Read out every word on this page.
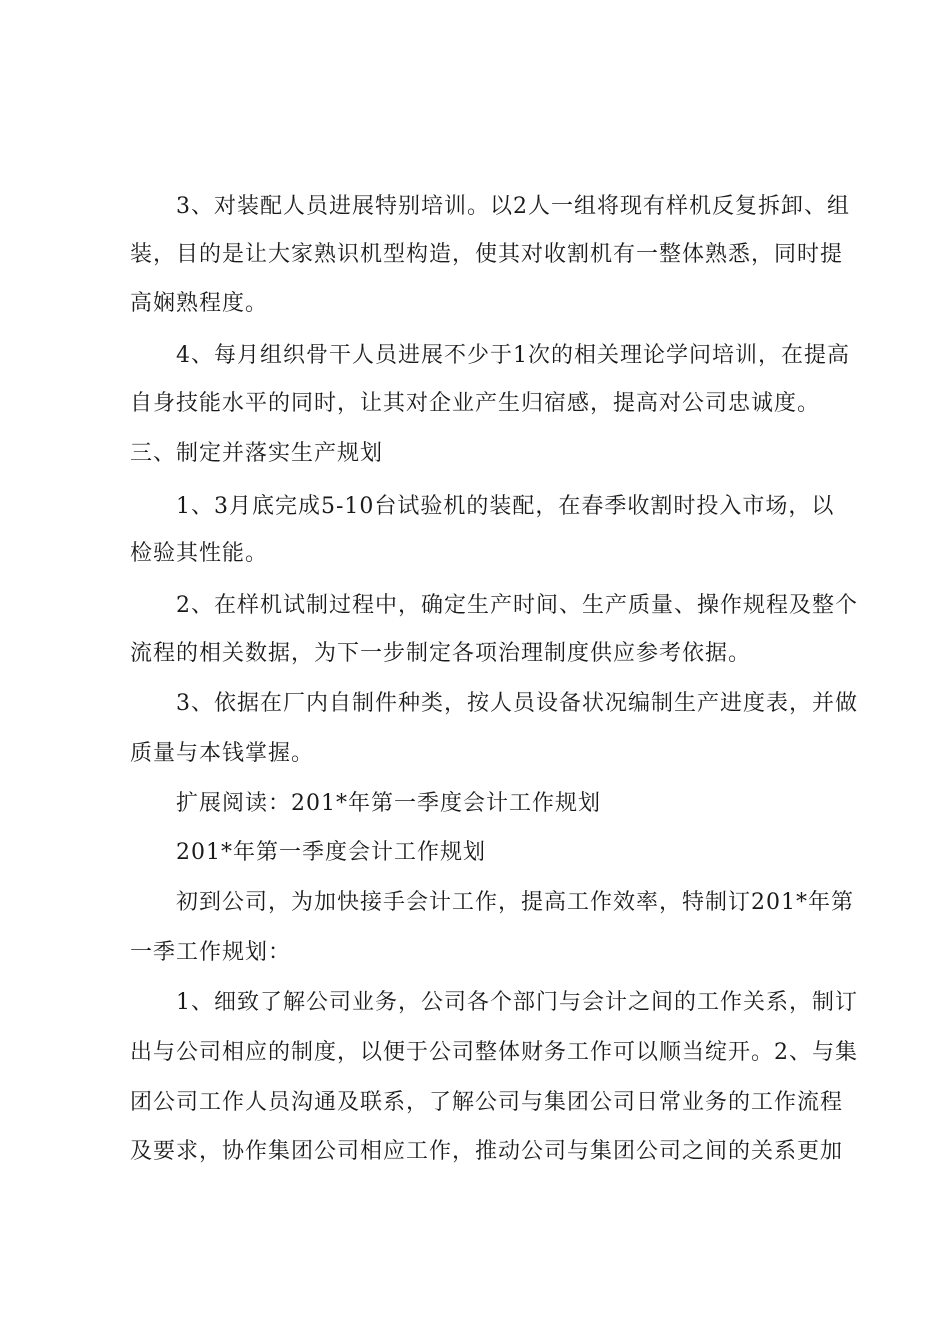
　　3、对装配人员进展特别培训。以2人一组将现有样机反复拆卸、组
装，目的是让大家熟识机型构造，使其对收割机有一整体熟悉，同时提
高娴熟程度。
　　4、每月组织骨干人员进展不少于1次的相关理论学问培训，在提高
自身技能水平的同时，让其对企业产生归宿感，提高对公司忠诚度。
三、制定并落实生产规划
　　1、3月底完成5-10台试验机的装配，在春季收割时投入市场，以
检验其性能。
　　2、在样机试制过程中，确定生产时间、生产质量、操作规程及整个
流程的相关数据，为下一步制定各项治理制度供应参考依据。
　　3、依据在厂内自制件种类，按人员设备状况编制生产进度表，并做
质量与本钱掌握。
　　扩展阅读：201*年第一季度会计工作规划
　　201*年第一季度会计工作规划
　　初到公司，为加快接手会计工作，提高工作效率，特制订201*年第
一季工作规划：
　　1、细致了解公司业务，公司各个部门与会计之间的工作关系，制订
出与公司相应的制度，以便于公司整体财务工作可以顺当绽开。2、与集
团公司工作人员沟通及联系，了解公司与集团公司日常业务的工作流程
及要求，协作集团公司相应工作，推动公司与集团公司之间的关系更加
